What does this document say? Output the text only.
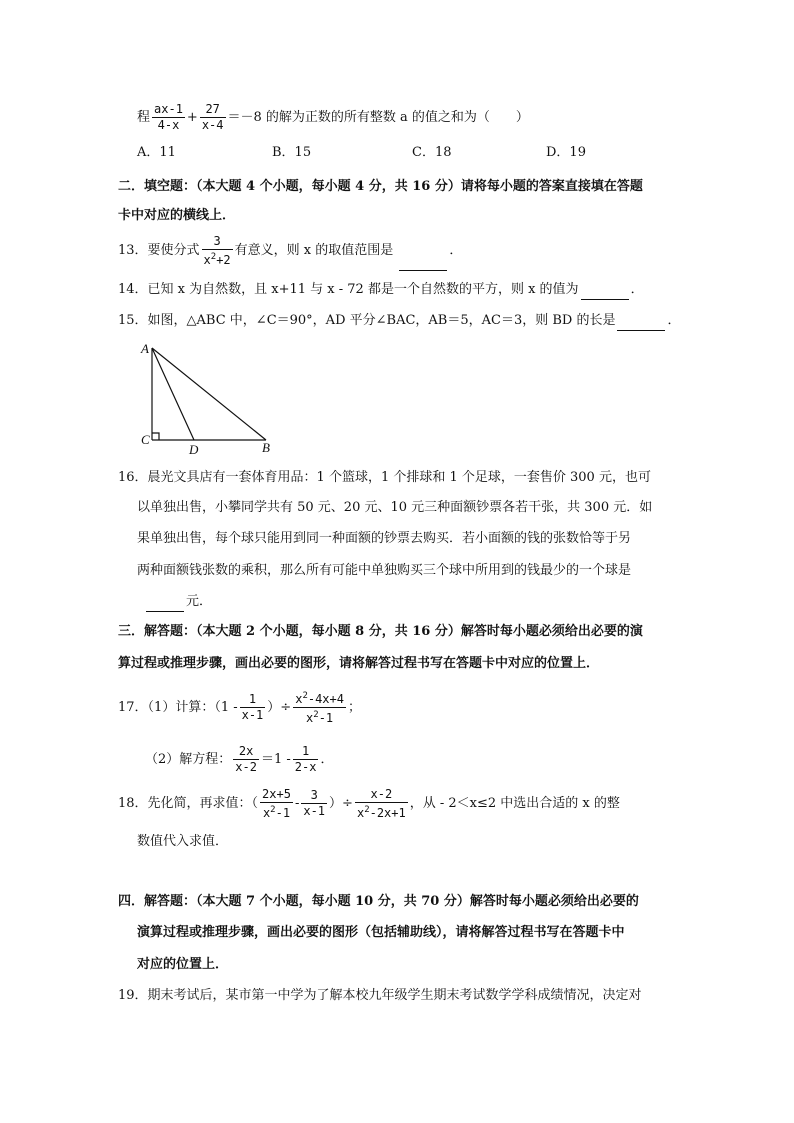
程 $\frac{ax-1}{4-x} + \frac{27}{x-4} =-8$ 的解为正数的所有整数 a 的值之和为（　　）
A．11	B．15	C．18	D．19
二．填空题：（本大题 4 个小题，每小题 4 分，共 16 分）请将每小题的答案直接填在答题
卡中对应的横线上．
13．要使分式 $\frac{3}{x^2+2}$ 有意义，则 x 的取值范围是	．
14．已知 x 为自然数，且 x+11 与 x - 72 都是一个自然数的平方，则 x 的值为	．
15．如图，△ABC 中，∠C＝90°，AD 平分∠BAC，AB＝5，AC＝3，则 BD 的长是	．
A
C
D	B
16．晨光文具店有一套体育用品：1 个篮球，1 个排球和 1 个足球，一套售价 300 元，也可
以单独出售，小攀同学共有 50 元、20 元、10 元三种面额钞票各若干张，共 300 元．如
果单独出售，每个球只能用到同一种面额的钞票去购买．若小面额的钱的张数恰等于另
两种面额钱张数的乘积，那么所有可能中单独购买三个球中所用到的钱最少的一个球是
元．
三．解答题：（本大题 2 个小题，每小题 8 分，共 16 分）解答时每小题必须给出必要的演
算过程或推理步骤，画出必要的图形，请将解答过程书写在答题卡中对应的位置上．
17．（1）计算：（$1 - \frac{1}{x-1}$ ）÷ $\frac{x^2-4x+4}{x^2-1}$ ；
（2）解方程： $\frac{2x}{x-2} =1 - \frac{1}{2-x}$ ．
18．先化简，再求值：（ $\frac{2x+5}{x^2-1} - \frac{3}{x-1}$ ）÷ $\frac{x-2}{x^2-2x+1}$ ，从 - 2＜x≤2 中选出合适的 x 的整
数值代入求值．
四．解答题：（本大题 7 个小题，每小题 10 分，共 70 分）解答时每小题必须给出必要的
演算过程或推理步骤，画出必要的图形（包括辅助线），请将解答过程书写在答题卡中
对应的位置上．
19．期末考试后，某市第一中学为了解本校九年级学生期末考试数学学科成绩情况，决定对
